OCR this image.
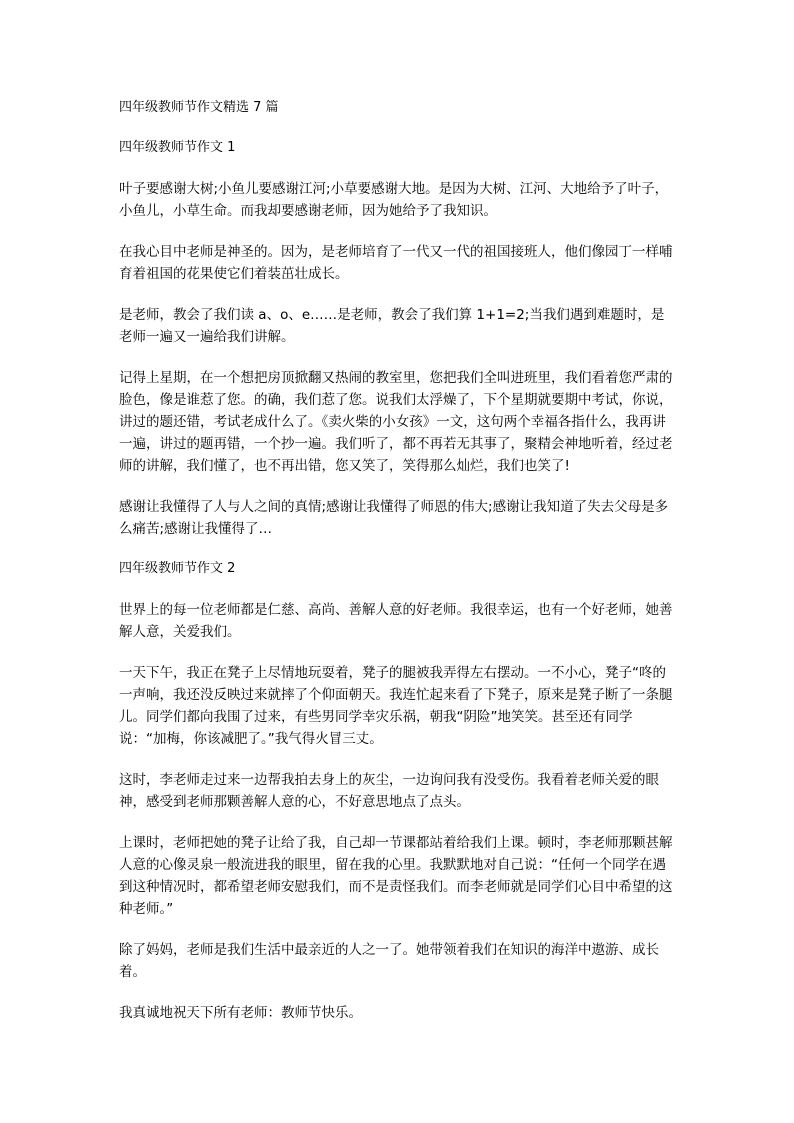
四年级教师节作文精选 7 篇
四年级教师节作文 1

叶子要感谢大树;小鱼儿要感谢江河;小草要感谢大地。是因为大树、江河、大地给予了叶子，小鱼儿，小草生命。而我却要感谢老师，因为她给予了我知识。

在我心目中老师是神圣的。因为，是老师培育了一代又一代的祖国接班人，他们像园丁一样哺育着祖国的花果使它们着装茁壮成长。

是老师，教会了我们读 a、o、e……是老师，教会了我们算 1+1=2;当我们遇到难题时，是老师一遍又一遍给我们讲解。

记得上星期，在一个想把房顶掀翻又热闹的教室里，您把我们全叫进班里，我们看着您严肃的脸色，像是谁惹了您。的确，我们惹了您。说我们太浮燥了，下个星期就要期中考试，你说，讲过的题还错，考试老成什么了。《卖火柴的小女孩》一文，这句两个幸福各指什么，我再讲一遍，讲过的题再错，一个抄一遍。我们听了，都不再若无其事了，聚精会神地听着，经过老师的讲解，我们懂了，也不再出错，您又笑了，笑得那么灿烂，我们也笑了!

感谢让我懂得了人与人之间的真情;感谢让我懂得了师恩的伟大;感谢让我知道了失去父母是多么痛苦;感谢让我懂得了…

四年级教师节作文 2

世界上的每一位老师都是仁慈、高尚、善解人意的好老师。我很幸运，也有一个好老师，她善解人意，关爱我们。

一天下午，我正在凳子上尽情地玩耍着，凳子的腿被我弄得左右摆动。一不小心，凳子“咚的一声响，我还没反映过来就摔了个仰面朝天。我连忙起来看了下凳子，原来是凳子断了一条腿儿。同学们都向我围了过来，有些男同学幸灾乐祸，朝我“阴险”地笑笑。甚至还有同学说：“加梅，你该减肥了。”我气得火冒三丈。

这时，李老师走过来一边帮我拍去身上的灰尘，一边询问我有没受伤。我看着老师关爱的眼神，感受到老师那颗善解人意的心，不好意思地点了点头。

上课时，老师把她的凳子让给了我，自己却一节课都站着给我们上课。顿时，李老师那颗甚解人意的心像灵泉一般流进我的眼里，留在我的心里。我默默地对自己说：“任何一个同学在遇到这种情况时，都希望老师安慰我们，而不是责怪我们。而李老师就是同学们心目中希望的这种老师。”

除了妈妈，老师是我们生活中最亲近的人之一了。她带领着我们在知识的海洋中遨游、成长着。

我真诚地祝天下所有老师：教师节快乐。
